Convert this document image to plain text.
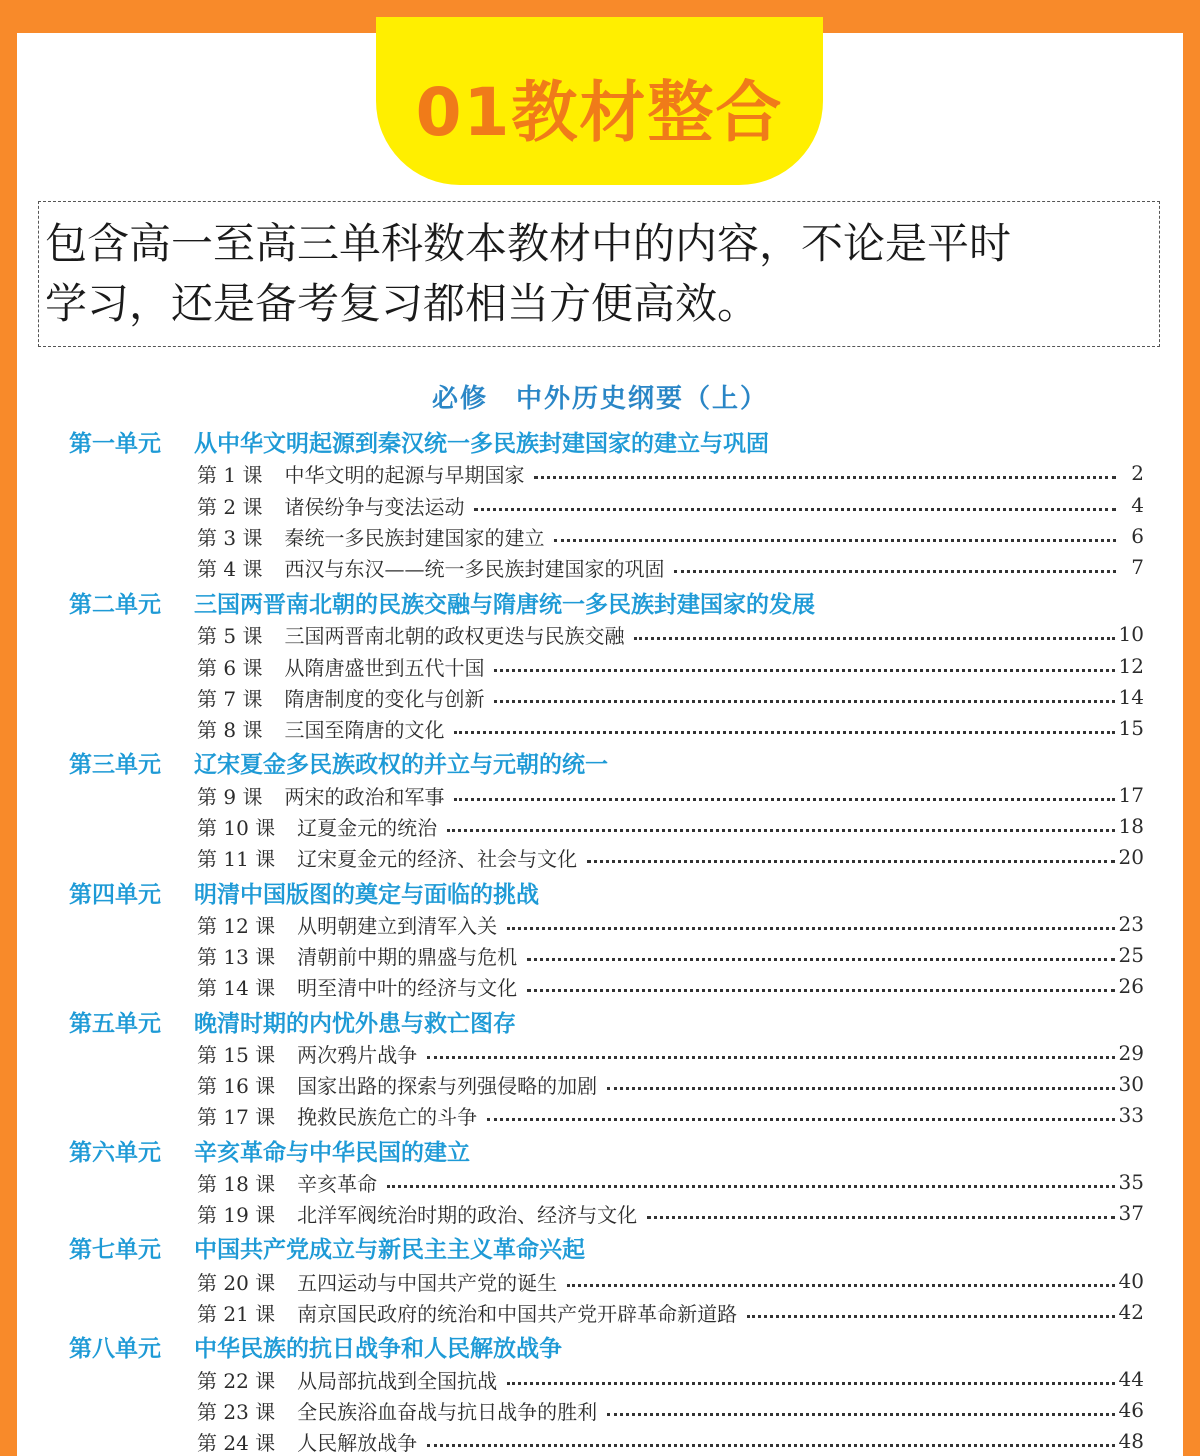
01教材整合
包含高一至高三单科数本教材中的内容，不论是平时
学习，还是备考复习都相当方便高效。
必修　中外历史纲要（上）
第一单元 从中华文明起源到秦汉统一多民族封建国家的建立与巩固
第 1 课 中华文明的起源与早期国家	2
第 2 课 诸侯纷争与变法运动	4
第 3 课 秦统一多民族封建国家的建立	6
第 4 课 西汉与东汉——统一多民族封建国家的巩固	7
第二单元 三国两晋南北朝的民族交融与隋唐统一多民族封建国家的发展
第 5 课 三国两晋南北朝的政权更迭与民族交融	10
第 6 课 从隋唐盛世到五代十国	12
第 7 课 隋唐制度的变化与创新	14
第 8 课 三国至隋唐的文化	15
第三单元 辽宋夏金多民族政权的并立与元朝的统一
第 9 课 两宋的政治和军事	17
第 10 课 辽夏金元的统治	18
第 11 课 辽宋夏金元的经济、社会与文化	20
第四单元 明清中国版图的奠定与面临的挑战
第 12 课 从明朝建立到清军入关	23
第 13 课 清朝前中期的鼎盛与危机	25
第 14 课 明至清中叶的经济与文化	26
第五单元 晚清时期的内忧外患与救亡图存
第 15 课 两次鸦片战争	29
第 16 课 国家出路的探索与列强侵略的加剧	30
第 17 课 挽救民族危亡的斗争	33
第六单元 辛亥革命与中华民国的建立
第 18 课 辛亥革命	35
第 19 课 北洋军阀统治时期的政治、经济与文化	37
第七单元 中国共产党成立与新民主主义革命兴起
第 20 课 五四运动与中国共产党的诞生	40
第 21 课 南京国民政府的统治和中国共产党开辟革命新道路	42
第八单元 中华民族的抗日战争和人民解放战争
第 22 课 从局部抗战到全国抗战	44
第 23 课 全民族浴血奋战与抗日战争的胜利	46
第 24 课 人民解放战争	48
